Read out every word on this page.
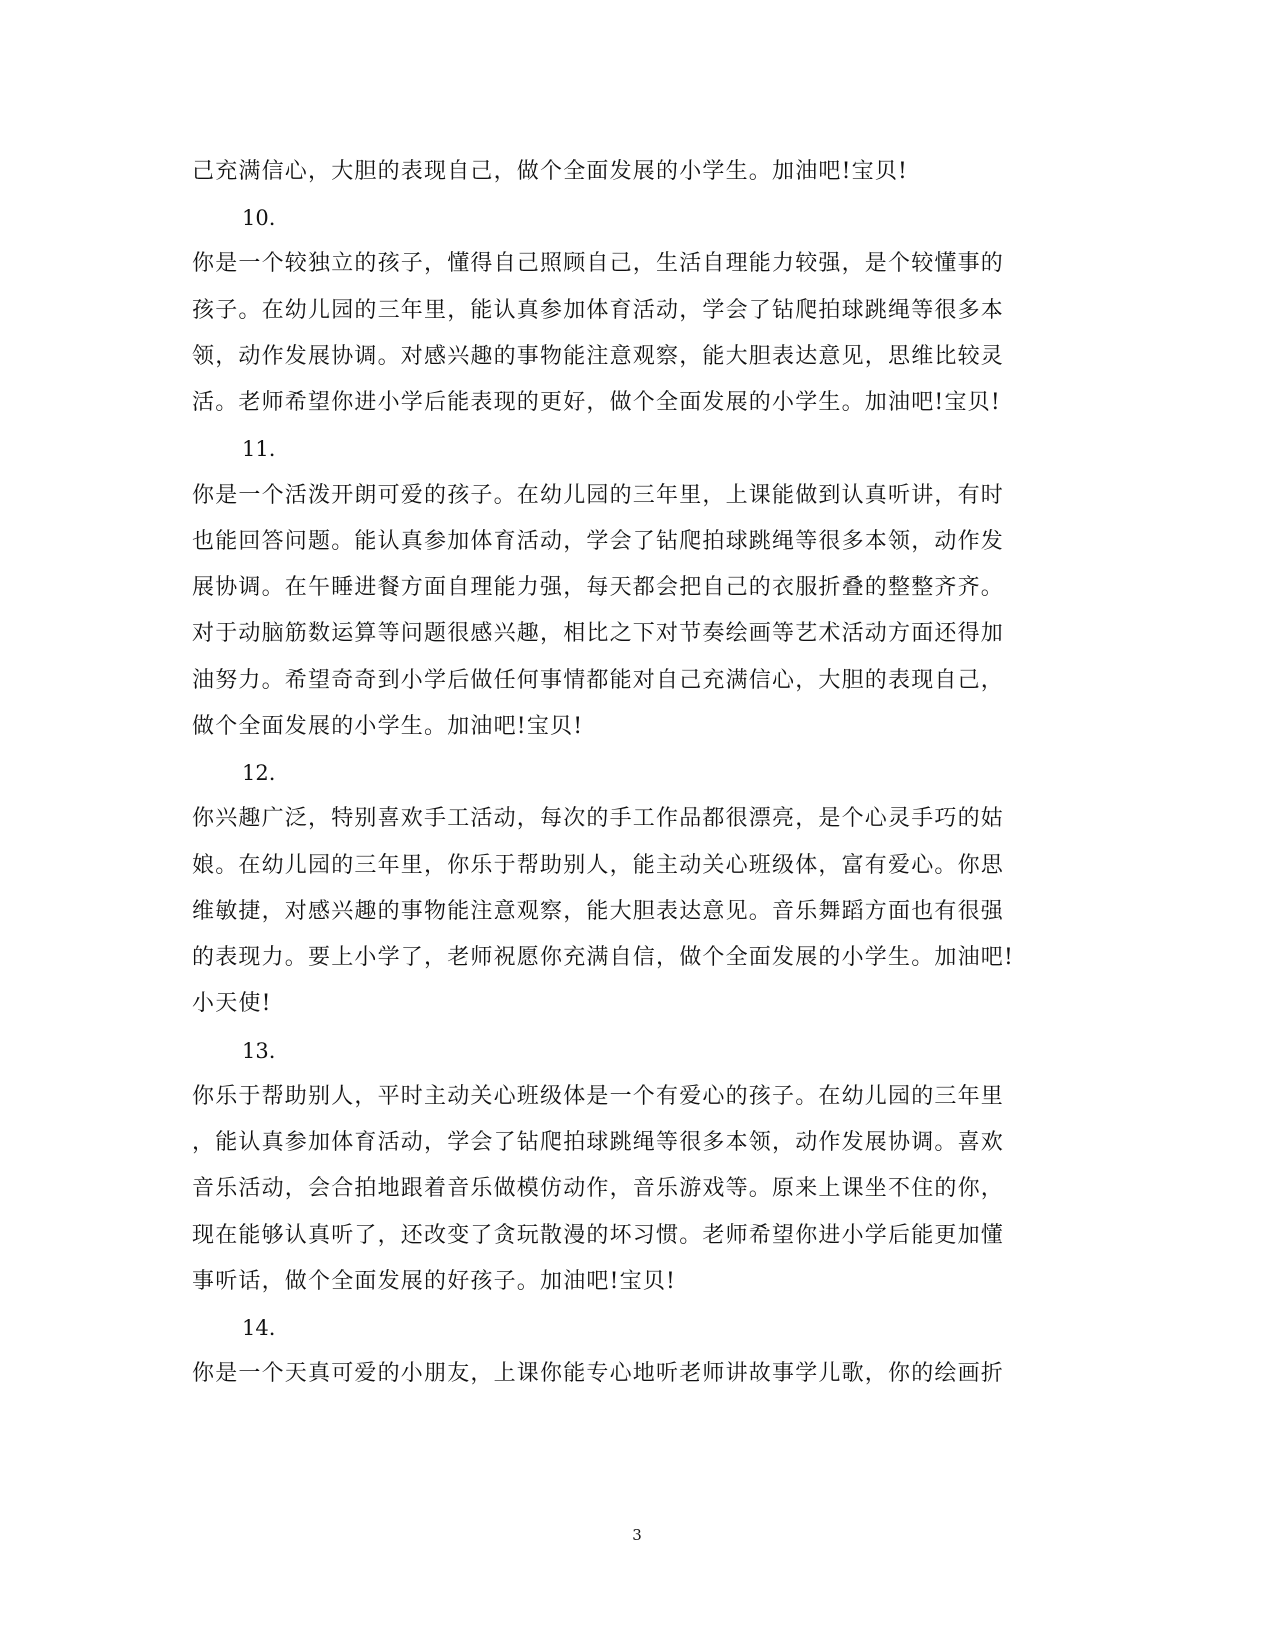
己充满信心，大胆的表现自己，做个全面发展的小学生。加油吧!宝贝!
10.
你是一个较独立的孩子，懂得自己照顾自己，生活自理能力较强，是个较懂事的
孩子。在幼儿园的三年里，能认真参加体育活动，学会了钻爬拍球跳绳等很多本
领，动作发展协调。对感兴趣的事物能注意观察，能大胆表达意见，思维比较灵
活。老师希望你进小学后能表现的更好，做个全面发展的小学生。加油吧!宝贝!
11.
你是一个活泼开朗可爱的孩子。在幼儿园的三年里，上课能做到认真听讲，有时
也能回答问题。能认真参加体育活动，学会了钻爬拍球跳绳等很多本领，动作发
展协调。在午睡进餐方面自理能力强，每天都会把自己的衣服折叠的整整齐齐。
对于动脑筋数运算等问题很感兴趣，相比之下对节奏绘画等艺术活动方面还得加
油努力。希望奇奇到小学后做任何事情都能对自己充满信心，大胆的表现自己，
做个全面发展的小学生。加油吧!宝贝!
12.
你兴趣广泛，特别喜欢手工活动，每次的手工作品都很漂亮，是个心灵手巧的姑
娘。在幼儿园的三年里，你乐于帮助别人，能主动关心班级体，富有爱心。你思
维敏捷，对感兴趣的事物能注意观察，能大胆表达意见。音乐舞蹈方面也有很强
的表现力。要上小学了，老师祝愿你充满自信，做个全面发展的小学生。加油吧!
小天使!
13.
你乐于帮助别人，平时主动关心班级体是一个有爱心的孩子。在幼儿园的三年里
，能认真参加体育活动，学会了钻爬拍球跳绳等很多本领，动作发展协调。喜欢
音乐活动，会合拍地跟着音乐做模仿动作，音乐游戏等。原来上课坐不住的你，
现在能够认真听了，还改变了贪玩散漫的坏习惯。老师希望你进小学后能更加懂
事听话，做个全面发展的好孩子。加油吧!宝贝!
14.
你是一个天真可爱的小朋友，上课你能专心地听老师讲故事学儿歌，你的绘画折
3
